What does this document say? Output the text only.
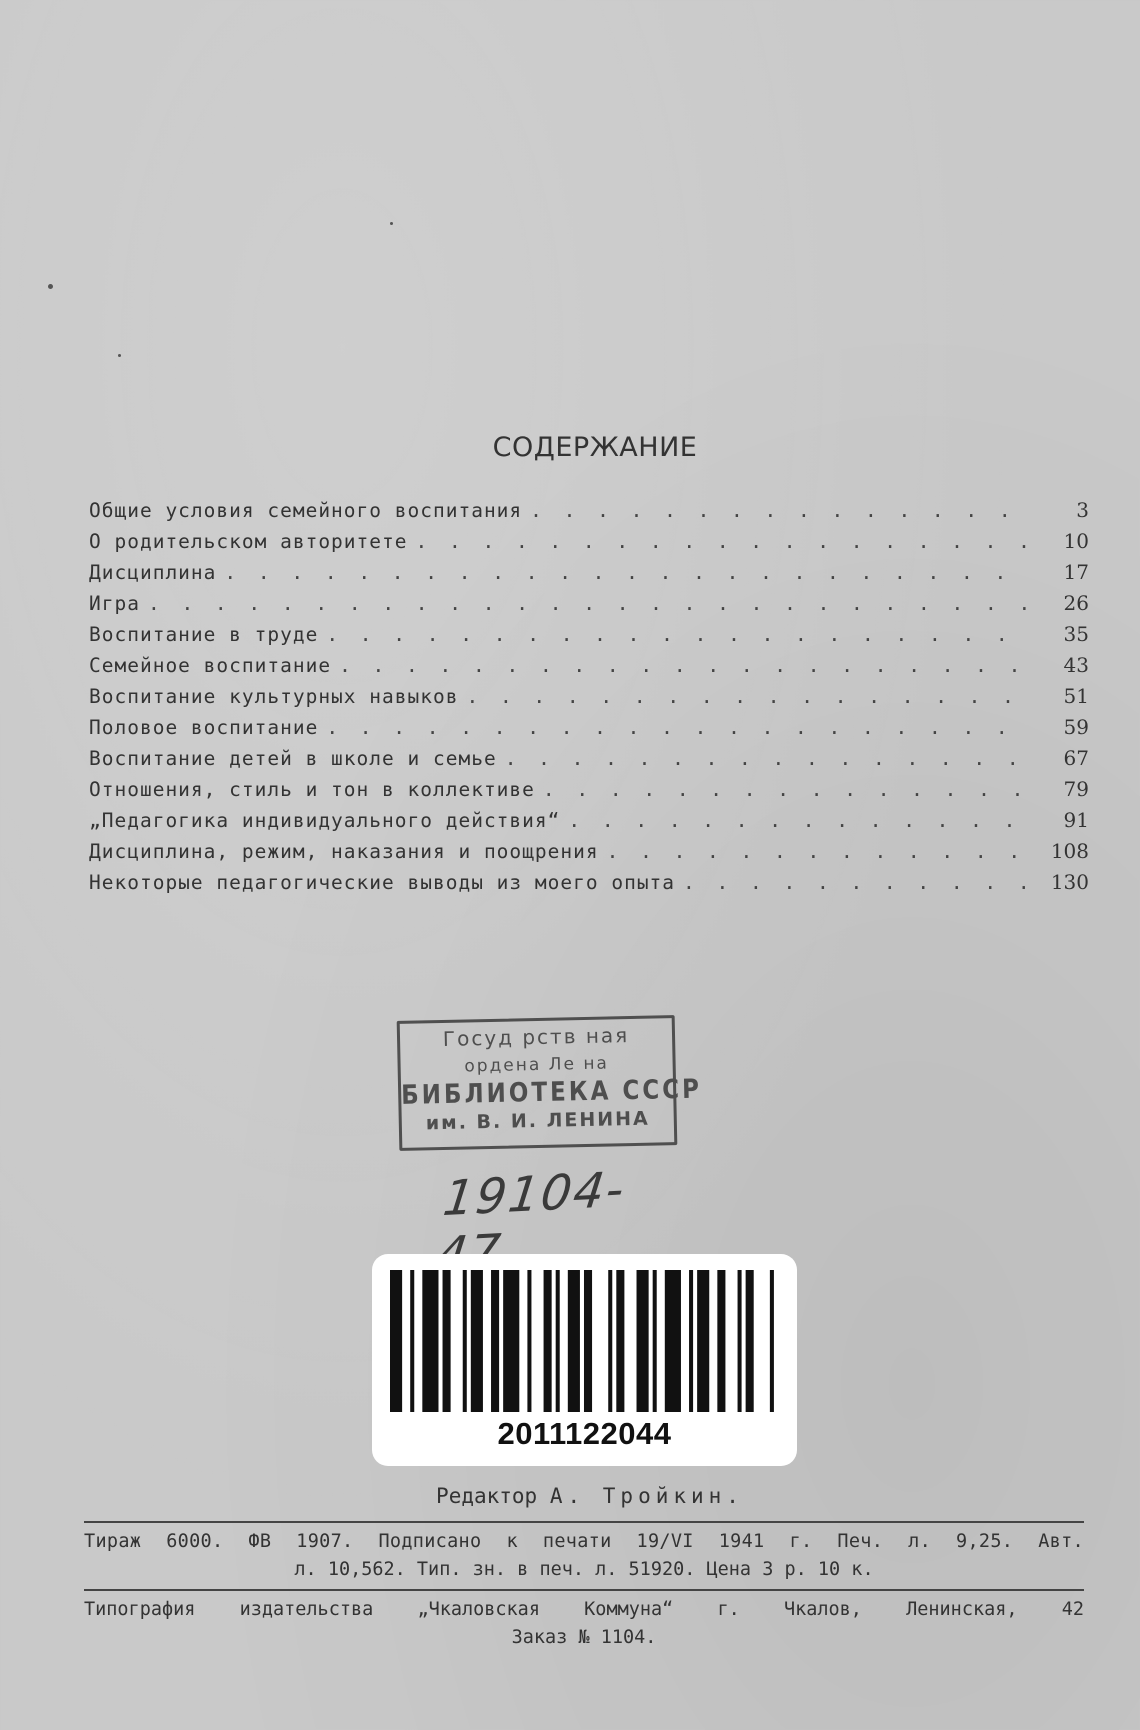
СОДЕРЖАНИЕ
Общие условия семейного воспитания . . .	3
О родительском авторитете . . .	10
Дисциплина . . .	17
Игра . . .	26
Воспитание в труде . . .	35
Семейное воспитание . . .	43
Воспитание культурных навыков . . .	51
Половое воспитание . . .	59
Воспитание детей в школе и семье . . .	67
Отношения, стиль и тон в коллективе . . .	79
„Педагогика индивидуального действия“ . . .	91
Дисциплина, режим, наказания и поощрения . . .	108
Некоторые педагогические выводы из моего опыта . . .	130
Госуд рств ная
ордена Ле на
БИБЛИОТЕКА СССР
им. В. И. ЛЕНИНА
19104-47
2011122044
Редактор А. Тройкин.
Тираж 6000. ФВ 1907. Подписано к печати 19/VI 1941 г. Печ. л. 9,25. Авт.
л. 10,562. Тип. зн. в печ. л. 51920. Цена 3 р. 10 к.
Типография издательства „Чкаловская Коммуна“ г. Чкалов, Ленинская, 42
Заказ № 1104.
